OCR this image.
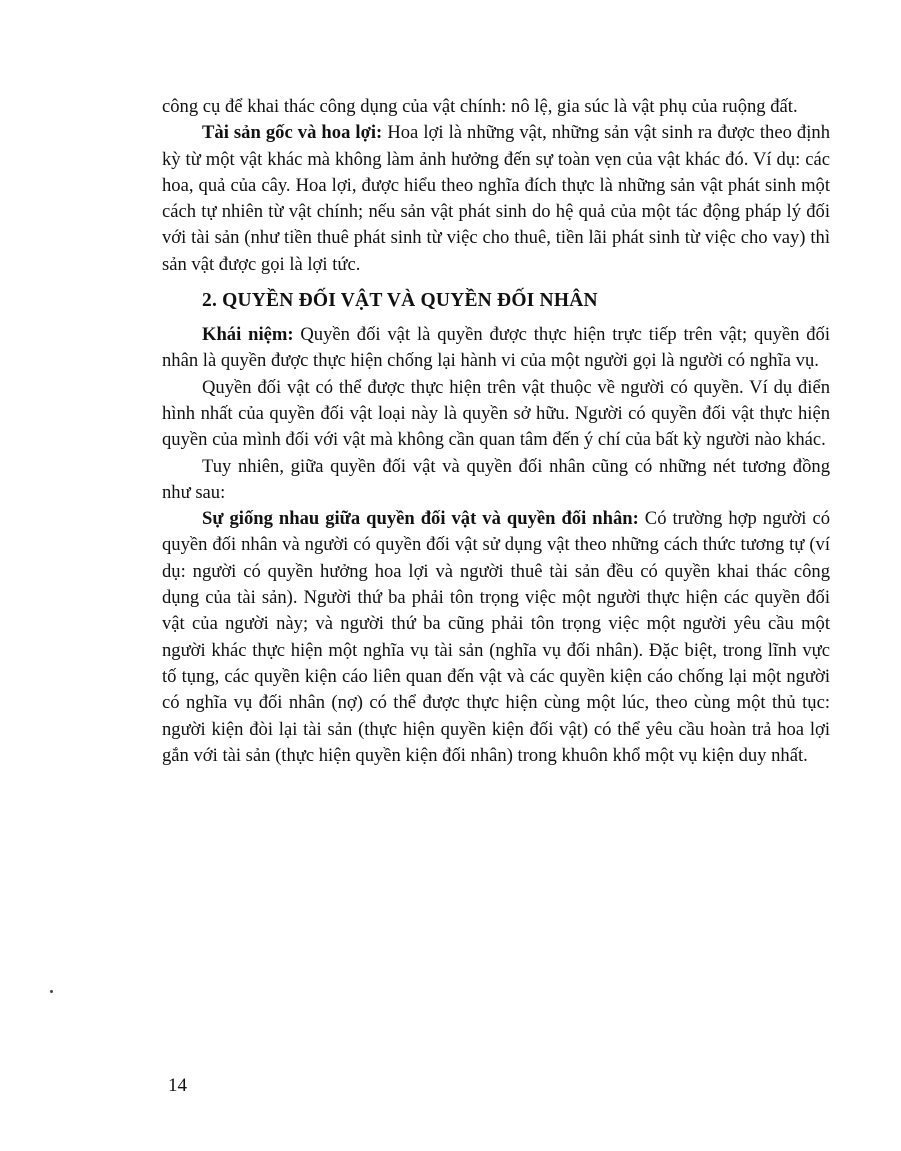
công cụ để khai thác công dụng của vật chính: nô lệ, gia súc là vật phụ của ruộng đất.

Tài sản gốc và hoa lợi: Hoa lợi là những vật, những sản vật sinh ra được theo định kỳ từ một vật khác mà không làm ảnh hưởng đến sự toàn vẹn của vật khác đó. Ví dụ: các hoa, quả của cây. Hoa lợi, được hiểu theo nghĩa đích thực là những sản vật phát sinh một cách tự nhiên từ vật chính; nếu sản vật phát sinh do hệ quả của một tác động pháp lý đối với tài sản (như tiền thuê phát sinh từ việc cho thuê, tiền lãi phát sinh từ việc cho vay) thì sản vật được gọi là lợi tức.

2. QUYỀN ĐỐI VẬT VÀ QUYỀN ĐỐI NHÂN

Khái niệm: Quyền đối vật là quyền được thực hiện trực tiếp trên vật; quyền đối nhân là quyền được thực hiện chống lại hành vi của một người gọi là người có nghĩa vụ.

Quyền đối vật có thể được thực hiện trên vật thuộc về người có quyền. Ví dụ điển hình nhất của quyền đối vật loại này là quyền sở hữu. Người có quyền đối vật thực hiện quyền của mình đối với vật mà không cần quan tâm đến ý chí của bất kỳ người nào khác.

Tuy nhiên, giữa quyền đối vật và quyền đối nhân cũng có những nét tương đồng như sau:

Sự giống nhau giữa quyền đối vật và quyền đối nhân: Có trường hợp người có quyền đối nhân và người có quyền đối vật sử dụng vật theo những cách thức tương tự (ví dụ: người có quyền hưởng hoa lợi và người thuê tài sản đều có quyền khai thác công dụng của tài sản). Người thứ ba phải tôn trọng việc một người thực hiện các quyền đối vật của người này; và người thứ ba cũng phải tôn trọng việc một người yêu cầu một người khác thực hiện một nghĩa vụ tài sản (nghĩa vụ đối nhân). Đặc biệt, trong lĩnh vực tố tụng, các quyền kiện cáo liên quan đến vật và các quyền kiện cáo chống lại một người có nghĩa vụ đối nhân (nợ) có thể được thực hiện cùng một lúc, theo cùng một thủ tục: người kiện đòi lại tài sản (thực hiện quyền kiện đối vật) có thể yêu cầu hoàn trả hoa lợi gắn với tài sản (thực hiện quyền kiện đối nhân) trong khuôn khổ một vụ kiện duy nhất.

14
